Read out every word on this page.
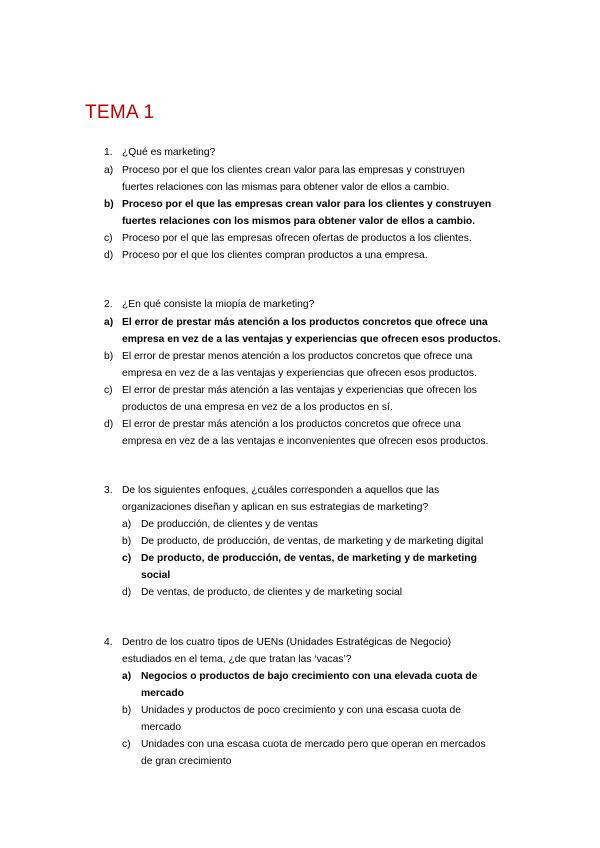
TEMA 1
1. ¿Qué es marketing?
a) Proceso por el que los clientes crean valor para las empresas y construyen
fuertes relaciones con las mismas para obtener valor de ellos a cambio.
b) Proceso por el que las empresas crean valor para los clientes y construyen
fuertes relaciones con los mismos para obtener valor de ellos a cambio.
c) Proceso por el que las empresas ofrecen ofertas de productos a los clientes.
d) Proceso por el que los clientes compran productos a una empresa.
2. ¿En qué consiste la miopía de marketing?
a) El error de prestar más atención a los productos concretos que ofrece una
empresa en vez de a las ventajas y experiencias que ofrecen esos productos.
b) El error de prestar menos atención a los productos concretos que ofrece una
empresa en vez de a las ventajas y experiencias que ofrecen esos productos.
c) El error de prestar más atención a las ventajas y experiencias que ofrecen los
productos de una empresa en vez de a los productos en sí.
d) El error de prestar más atención a los productos concretos que ofrece una
empresa en vez de a las ventajas e inconvenientes que ofrecen esos productos.
3. De los siguientes enfoques, ¿cuáles corresponden a aquellos que las
organizaciones diseñan y aplican en sus estrategias de marketing?
a) De producción, de clientes y de ventas
b) De producto, de producción, de ventas, de marketing y de marketing digital
c) De producto, de producción, de ventas, de marketing y de marketing
social
d) De ventas, de producto, de clientes y de marketing social
4. Dentro de los cuatro tipos de UENs (Unidades Estratégicas de Negocio)
estudiados en el tema, ¿de que tratan las ‘vacas’?
a) Negocios o productos de bajo crecimiento con una elevada cuota de
mercado
b) Unidades y productos de poco crecimiento y con una escasa cuota de
mercado
c) Unidades con una escasa cuota de mercado pero que operan en mercados
de gran crecimiento
